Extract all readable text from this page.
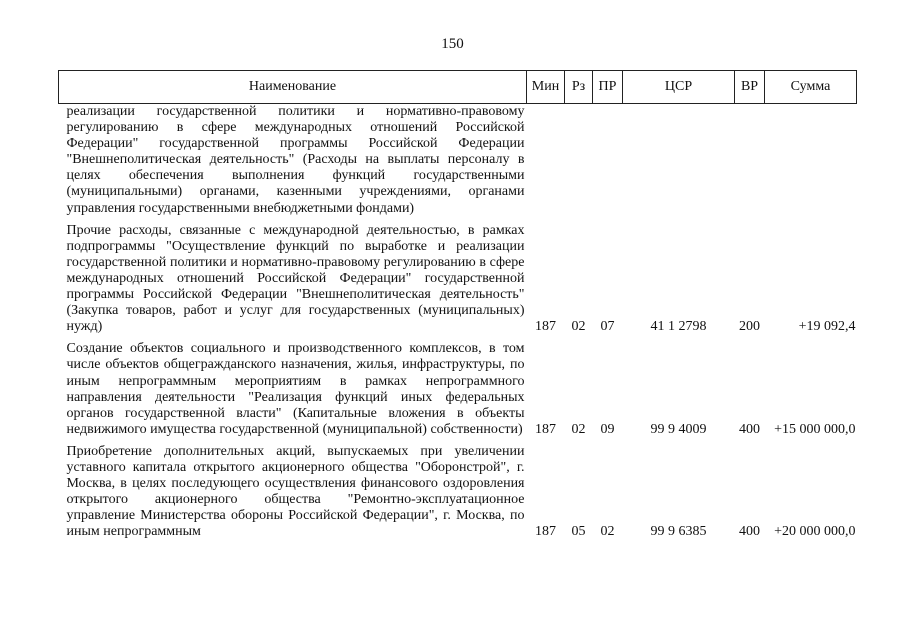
150
Наименование	Мин	Рз	ПР	ЦСР	ВР	Сумма
реализации государственной политики и нормативно-правовому регулированию в сфере международных отношений Российской Федерации" государственной программы Российской Федерации "Внешнеполитическая деятельность" (Расходы на выплаты персоналу в целях обеспечения выполнения функций государственными (муниципальными) органами, казенными учреждениями, органами управления государственными внебюджетными фондами)						

Прочие расходы, связанные с международной деятельностью, в рамках подпрограммы "Осуществление функций по выработке и реализации государственной политики и нормативно-правовому регулированию в сфере международных отношений Российской Федерации" государственной программы Российской Федерации "Внешнеполитическая деятельность" (Закупка товаров, работ и услуг для государственных (муниципальных) нужд)	187	02	07	41 1 2798	200	+19 092,4

Создание объектов социального и производственного комплексов, в том числе объектов общегражданского назначения, жилья, инфраструктуры, по иным непрограммным мероприятиям в рамках непрограммного направления деятельности "Реализация функций иных федеральных органов государственной власти" (Капитальные вложения в объекты недвижимого имущества государственной (муниципальной) собственности)	187	02	09	99 9 4009	400	+15 000 000,0

Приобретение дополнительных акций, выпускаемых при увеличении уставного капитала открытого акционерного общества "Оборонстрой", г. Москва, в целях последующего осуществления финансового оздоровления открытого акционерного общества "Ремонтно-эксплуатационное управление Министерства обороны Российской Федерации", г. Москва, по иным непрограммным	187	05	02	99 9 6385	400	+20 000 000,0
